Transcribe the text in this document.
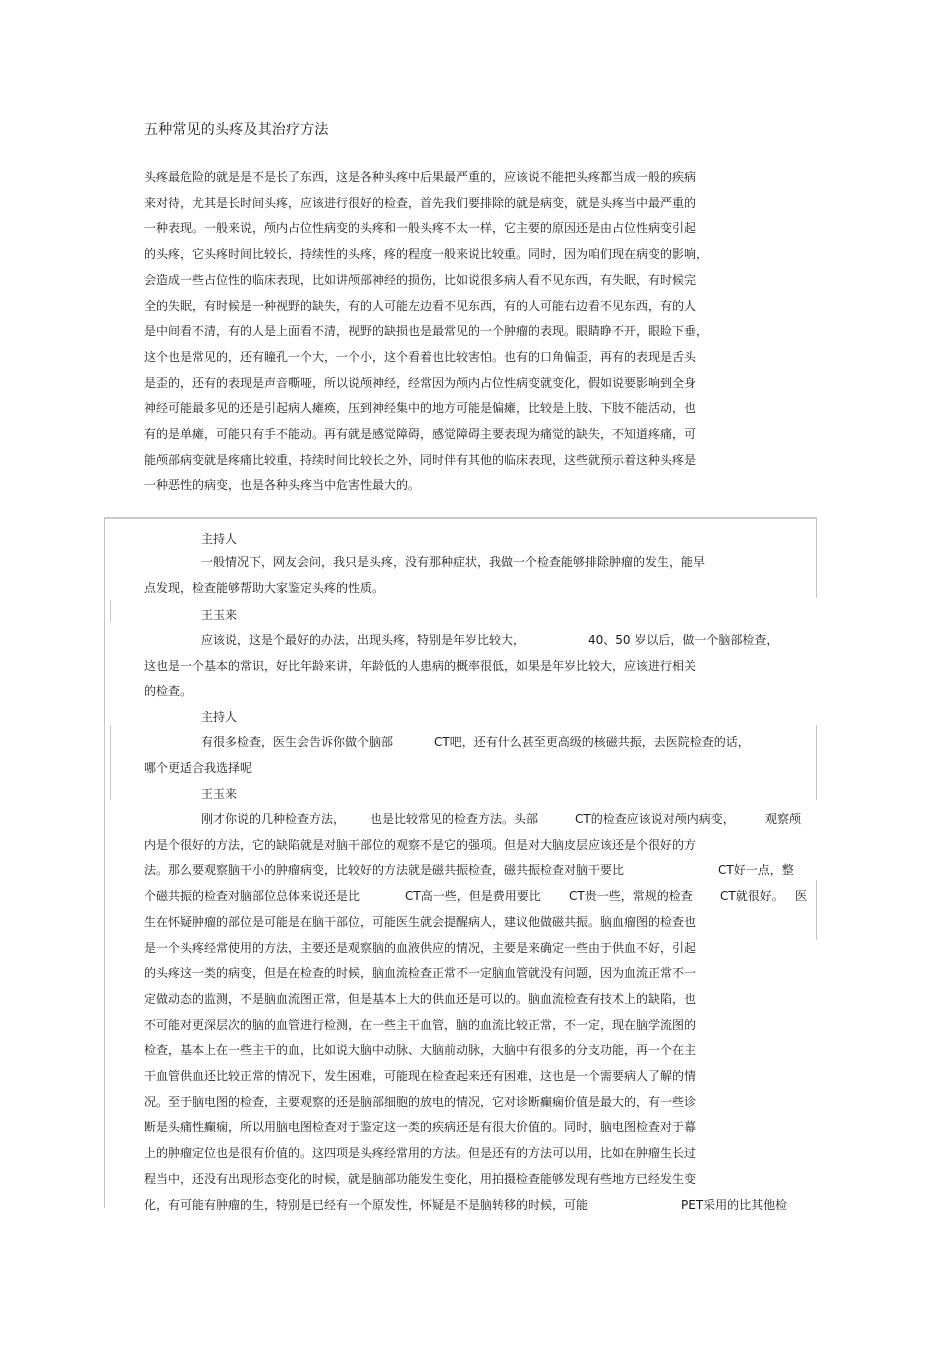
五种常见的头疼及其治疗方法
头疼最危险的就是是不是长了东西，这是各种头疼中后果最严重的，应该说不能把头疼都当成一般的疾病
来对待，尤其是长时间头疼，应该进行很好的检查，首先我们要排除的就是病变，就是头疼当中最严重的
一种表现。一般来说，颅内占位性病变的头疼和一般头疼不太一样，它主要的原因还是由占位性病变引起
的头疼，它头疼时间比较长，持续性的头疼，疼的程度一般来说比较重。同时，因为咱们现在病变的影响，
会造成一些占位性的临床表现，比如讲颅部神经的损伤，比如说很多病人看不见东西，有失眠，有时候完
全的失眠，有时候是一种视野的缺失，有的人可能左边看不见东西，有的人可能右边看不见东西，有的人
是中间看不清，有的人是上面看不清，视野的缺损也是最常见的一个肿瘤的表现。眼睛睁不开，眼睑下垂，
这个也是常见的，还有瞳孔一个大，一个小，这个看着也比较害怕。也有的口角偏歪，再有的表现是舌头
是歪的，还有的表现是声音嘶哑，所以说颅神经，经常因为颅内占位性病变就变化，假如说要影响到全身
神经可能最多见的还是引起病人瘫痪，压到神经集中的地方可能是偏瘫，比较是上肢、下肢不能活动，也
有的是单瘫，可能只有手不能动。再有就是感觉障碍，感觉障碍主要表现为痛觉的缺失，不知道疼痛，可
能颅部病变就是疼痛比较重，持续时间比较长之外，同时伴有其他的临床表现，这些就预示着这种头疼是
一种恶性的病变，也是各种头疼当中危害性最大的。
主持人
一般情况下，网友会问，我只是头疼，没有那种症状，我做一个检查能够排除肿瘤的发生，能早
点发现，检查能够帮助大家鉴定头疼的性质。
王玉来
应该说，这是个最好的办法，出现头疼，特别是年岁比较大，	40、50 岁以后，做一个脑部检查，
这也是一个基本的常识，好比年龄来讲，年龄低的人患病的概率很低，如果是年岁比较大，应该进行相关
的检查。
主持人
有很多检查，医生会告诉你做个脑部	CT吧，还有什么甚至更高级的核磁共振，去医院检查的话，
哪个更适合我选择呢
王玉来
刚才你说的几种检查方法， 也是比较常见的检查方法。头部	CT的检查应该说对颅内病变，	观察颅
内是个很好的方法，它的缺陷就是对脑干部位的观察不是它的强项。但是对大脑皮层应该还是个很好的方
法。那么要观察脑干小的肿瘤病变，比较好的方法就是磁共振检查，磁共振检查对脑干要比	CT好一点，整
个磁共振的检查对脑部位总体来说还是比	CT高一些，但是费用要比 CT贵一些，常规的检查 CT就很好。 医
生在怀疑肿瘤的部位是可能是在脑干部位，可能医生就会提醒病人，建议他做磁共振。脑血瘤图的检查也
是一个头疼经常使用的方法，主要还是观察脑的血液供应的情况，主要是来确定一些由于供血不好，引起
的头疼这一类的病变，但是在检查的时候，脑血流检查正常不一定脑血管就没有问题，因为血流正常不一
定做动态的监测，不是脑血流图正常，但是基本上大的供血还是可以的。脑血流检查有技术上的缺陷，也
不可能对更深层次的脑的血管进行检测，在一些主干血管，脑的血流比较正常，不一定，现在脑学流图的
检查，基本上在一些主干的血，比如说大脑中动脉、大脑前动脉，大脑中有很多的分支功能，再一个在主
干血管供血还比较正常的情况下，发生困难，可能现在检查起来还有困难，这也是一个需要病人了解的情
况。至于脑电图的检查，主要观察的还是脑部细胞的放电的情况，它对诊断癫痫价值是最大的，有一些诊
断是头痛性癫痫，所以用脑电图检查对于鉴定这一类的疾病还是有很大价值的。同时，脑电图检查对于幕
上的肿瘤定位也是很有价值的。这四项是头疼经常用的方法。但是还有的方法可以用，比如在肿瘤生长过
程当中，还没有出现形态变化的时候，就是脑部功能发生变化，用拍摄检查能够发现有些地方已经发生变
化，有可能有肿瘤的生，特别是已经有一个原发性，怀疑是不是脑转移的时候，可能	PET采用的比其他检
